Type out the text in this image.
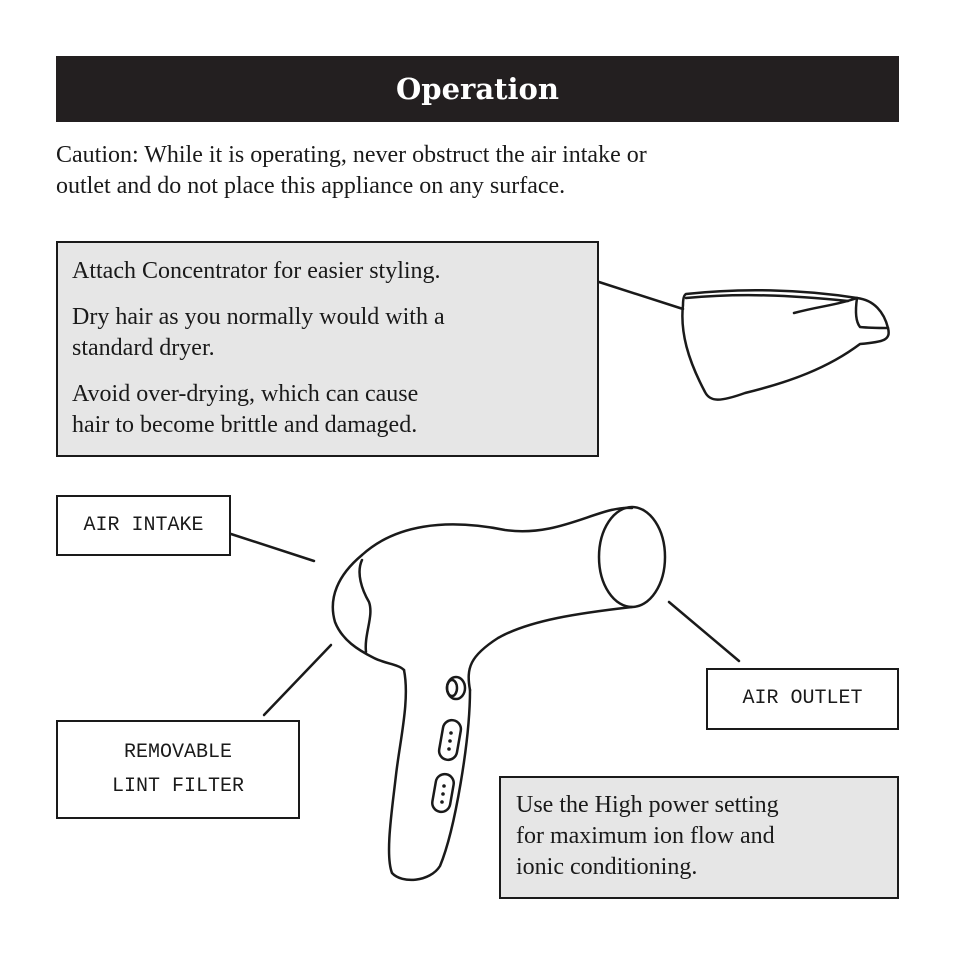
Operation
Caution: While it is operating, never obstruct the air intake or
outlet and do not place this appliance on any surface.

Attach Concentrator for easier styling.

Dry hair as you normally would with a
standard dryer.

Avoid over-drying, which can cause
hair to become brittle and damaged.

AIR INTAKE
AIR OUTLET
REMOVABLE
LINT FILTER

Use the High power setting

for maximum ion flow and

ionic conditioning.
